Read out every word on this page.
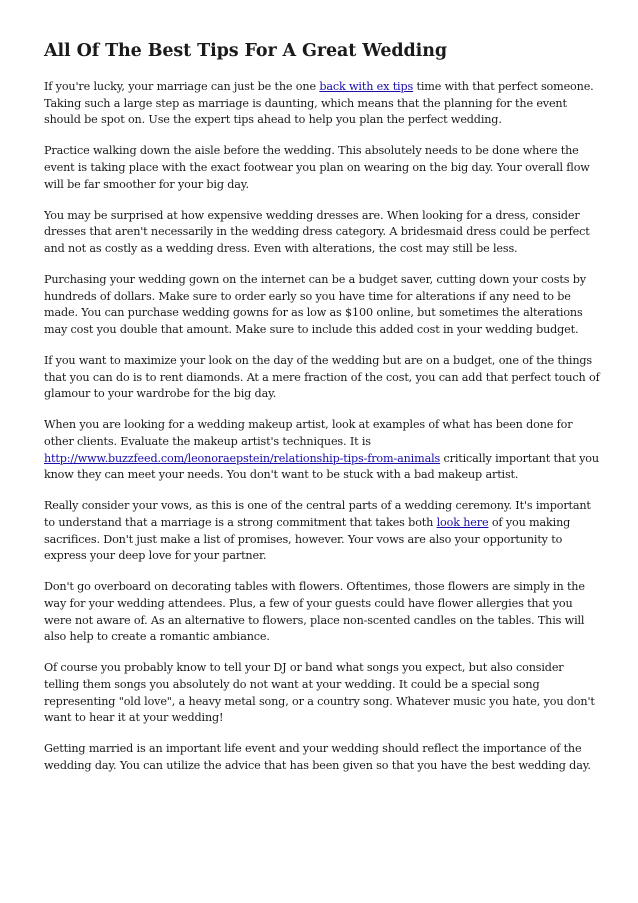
All Of The Best Tips For A Great Wedding

If you're lucky, your marriage can just be the one back with ex tips time with that perfect someone. Taking such a large step as marriage is daunting, which means that the planning for the event should be spot on. Use the expert tips ahead to help you plan the perfect wedding.

Practice walking down the aisle before the wedding. This absolutely needs to be done where the event is taking place with the exact footwear you plan on wearing on the big day. Your overall flow will be far smoother for your big day.

You may be surprised at how expensive wedding dresses are. When looking for a dress, consider dresses that aren't necessarily in the wedding dress category. A bridesmaid dress could be perfect and not as costly as a wedding dress. Even with alterations, the cost may still be less.

Purchasing your wedding gown on the internet can be a budget saver, cutting down your costs by hundreds of dollars. Make sure to order early so you have time for alterations if any need to be made. You can purchase wedding gowns for as low as $100 online, but sometimes the alterations may cost you double that amount. Make sure to include this added cost in your wedding budget.

If you want to maximize your look on the day of the wedding but are on a budget, one of the things that you can do is to rent diamonds. At a mere fraction of the cost, you can add that perfect touch of glamour to your wardrobe for the big day.

When you are looking for a wedding makeup artist, look at examples of what has been done for other clients. Evaluate the makeup artist's techniques. It is http://www.buzzfeed.com/leonoraepstein/relationship-tips-from-animals critically important that you know they can meet your needs. You don't want to be stuck with a bad makeup artist.

Really consider your vows, as this is one of the central parts of a wedding ceremony. It's important to understand that a marriage is a strong commitment that takes both look here of you making sacrifices. Don't just make a list of promises, however. Your vows are also your opportunity to express your deep love for your partner.

Don't go overboard on decorating tables with flowers. Oftentimes, those flowers are simply in the way for your wedding attendees. Plus, a few of your guests could have flower allergies that you were not aware of. As an alternative to flowers, place non-scented candles on the tables. This will also help to create a romantic ambiance.

Of course you probably know to tell your DJ or band what songs you expect, but also consider telling them songs you absolutely do not want at your wedding. It could be a special song representing "old love", a heavy metal song, or a country song. Whatever music you hate, you don't want to hear it at your wedding!

Getting married is an important life event and your wedding should reflect the importance of the wedding day. You can utilize the advice that has been given so that you have the best wedding day.
